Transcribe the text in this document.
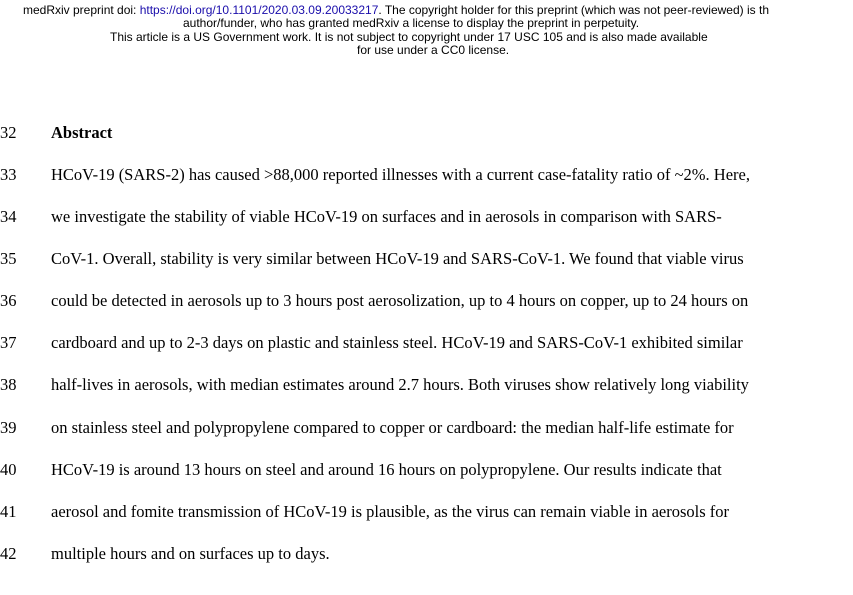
medRxiv preprint doi: https://doi.org/10.1101/2020.03.09.20033217. The copyright holder for this preprint (which was not peer-reviewed) is th
author/funder, who has granted medRxiv a license to display the preprint in perpetuity.
This article is a US Government work. It is not subject to copyright under 17 USC 105 and is also made available
for use under a CC0 license.
32	Abstract
33	HCoV-19 (SARS-2) has caused >88,000 reported illnesses with a current case-fatality ratio of ~2%. Here,
34	we investigate the stability of viable HCoV-19 on surfaces and in aerosols in comparison with SARS-
35	CoV-1. Overall, stability is very similar between HCoV-19 and SARS-CoV-1. We found that viable virus
36	could be detected in aerosols up to 3 hours post aerosolization, up to 4 hours on copper, up to 24 hours on
37	cardboard and up to 2-3 days on plastic and stainless steel. HCoV-19 and SARS-CoV-1 exhibited similar
38	half-lives in aerosols, with median estimates around 2.7 hours. Both viruses show relatively long viability
39	on stainless steel and polypropylene compared to copper or cardboard: the median half-life estimate for
40	HCoV-19 is around 13 hours on steel and around 16 hours on polypropylene. Our results indicate that
41	aerosol and fomite transmission of HCoV-19 is plausible, as the virus can remain viable in aerosols for
42	multiple hours and on surfaces up to days.
